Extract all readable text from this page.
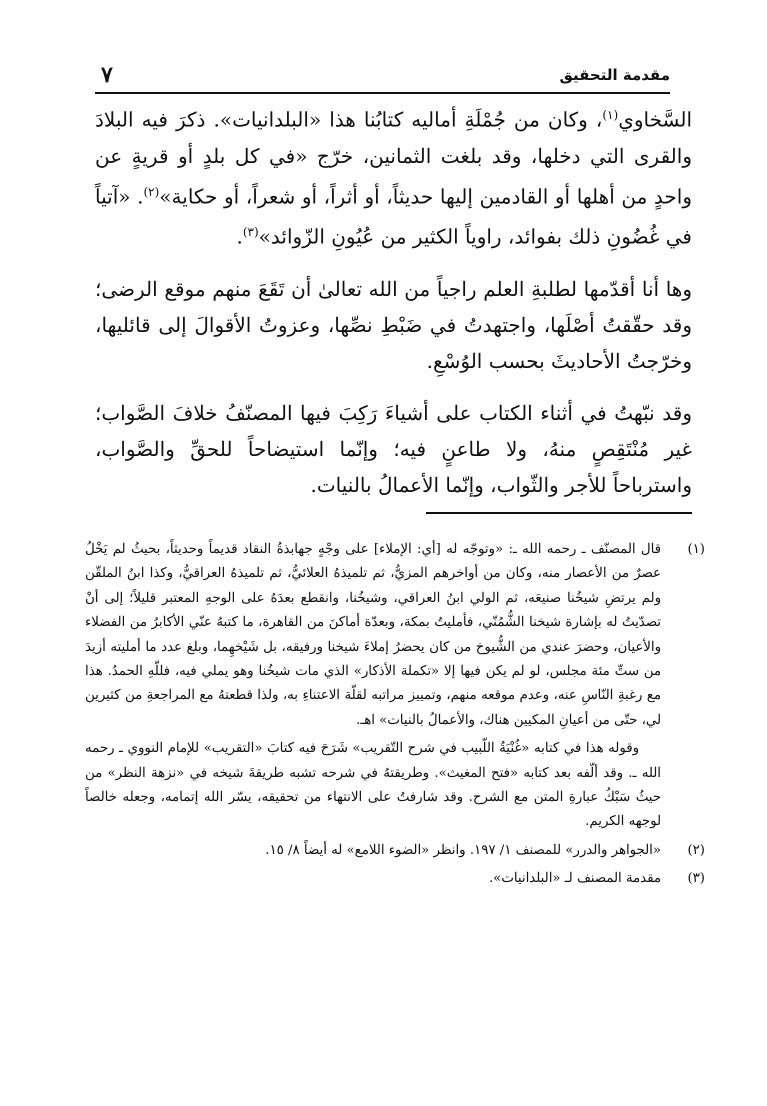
مقدمة التحقيق
٧

السَّخاوي$^{(١)}$، وكان من جُمْلَةِ أماليه كتابُنا هذا «البلدانيات». ذكرَ فيه البلادَ والقرى التي دخلها، وقد بلغت الثمانين، خرّج «في كل بلدٍ أو قريةٍ عن واحدٍ من أهلها أو القادمين إليها حديثاً، أو أثراً، أو شعراً، أو حكاية»$^{(٢)}$. «آتياً في غُضُونِ ذلك بفوائد، راوياً الكثير من عُيُونِ الزّوائد»$^{(٣)}$.

وها أنا أقدّمها لطلبةِ العلم راجياً من الله تعالىٰ أن تَقَعَ منهم موقع الرضى؛ وقد حقّقتُ أصْلَها، واجتهدتُ في ضَبْطِ نصِّها، وعزوتُ الأقوالَ إلى قائليها، وخرّجتُ الأحاديثَ بحسب الوُسْعِ.

وقد نبّهتُ في أثناء الكتاب على أشياءَ رَكِبَ فيها المصنّفُ خلافَ الصَّواب؛ غير مُنْتَقِصٍ منهُ، ولا طاعنٍ فيه؛ وإنّما استيضاحاً للحقِّ والصَّواب، واسترباحاً للأجر والثّواب، وإنّما الأعمالُ بالنيات.

(١)

قال المصنّف ـ رحمه الله ـ: «وتوجّه له [أي: الإملاء] على وجْهٍ جهابذةُ النقاد قديماً وحديثاً، بحيثُ لم يَخْلُ عصرٌ من الأعصار منه، وكان من أواخرهم المزيُّ، ثم تلميذهُ العلائيُّ، ثم تلميذهُ العراقيُّ، وكذا ابنُ الملقّن ولم يرتضِ شيخُنا صنيعَه، ثم الولي ابنُ العراقي، وشيخُنا، وانقطع بعدَهُ على الوجهِ المعتبر قليلاً؛ إلى أنْ تصدّيتُ له بإشارة شيخنا الشُّمُنّي، فأمليتُ بمكة، وبعدّة أماكنَ من القاهرة، ما كتبهُ عنّي الأكابرُ من الفضلاء والأعيان، وحضرَ عندي من الشُّيوخ من كان يحضرُ إملاءَ شيخنا ورفيقه، بل شَيْخهِما، وبلغ عدد ما أمليته أزيدَ من ستِّ مئة مجلس، لو لم يكن فيها إلا «تكملة الأذكار» الذي مات شيخُنا وهو يملي فيه، فللّهِ الحمدُ. هذا مع رغبةِ النّاسِ عنه، وعدم موقعه منهم، وتمييز مراتبه لقلّة الاعتناءِ به، ولذا قطعتهُ مع المراجعةِ من كثيرين لي، حتّى من أعيانِ المكيين هناك، والأعمالُ بالنيات» اهـ.

وقوله هذا في كتابه «غُنْيَةُ اللّبيب في شرح التّقريب» شَرَحَ فيه كتابَ «التقريب» للإمام النووي ـ رحمه الله ـ. وقد ألّفه بعد كتابه «فتح المغيث». وطريقتهُ في شرحه تشبه طريقةَ شيخه في «نزهة النظر» من حيثُ سَبْكُ عبارةِ المتن مع الشرح. وقد شارفتُ على الانتهاء من تحقيقه، يسّر الله إتمامه، وجعله خالصاً لوجهه الكريم.

(٢)

«الجواهر والدرر» للمصنف ١/ ١٩٧. وانظر «الضوء اللامع» له أيضاً ٨/ ١٥.

(٣)

مقدمة المصنف لـ «البلدانيات».
